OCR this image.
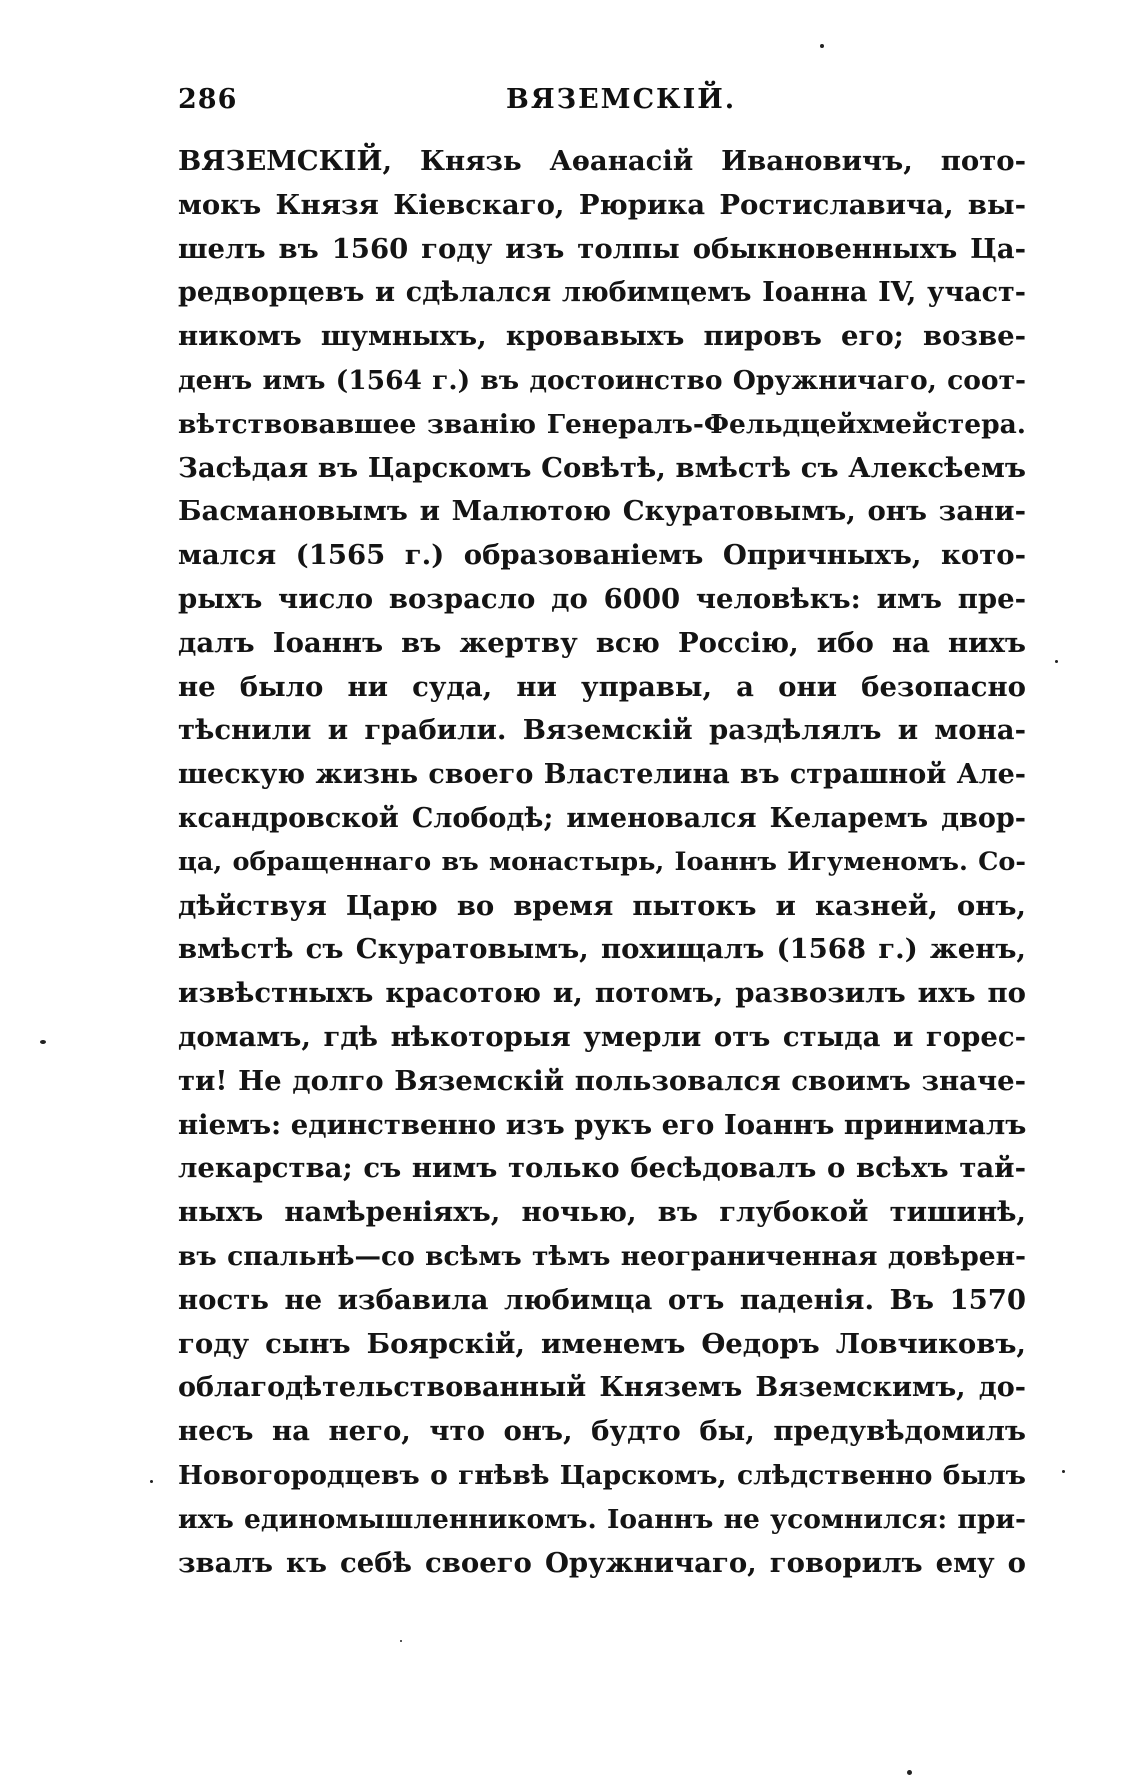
286	ВЯЗЕМСКІЙ.
ВЯЗЕМСКІЙ, Князь Аѳанасій Ивановичъ, пото-
мокъ Князя Кіевскаго, Рюрика Ростиславича, вы-
шелъ въ 1560 году изъ толпы обыкновенныхъ Ца-
редворцевъ и сдѣлался любимцемъ Іоанна IV, участ-
никомъ шумныхъ, кровавыхъ пировъ его; возве-
денъ имъ (1564 г.) въ достоинство Оружничаго, соот-
вѣтствовавшее званію Генералъ-Фельдцейхмейстера.
Засѣдая въ Царскомъ Совѣтѣ, вмѣстѣ съ Алексѣемъ
Басмановымъ и Малютою Скуратовымъ, онъ зани-
мался (1565 г.) образованіемъ Опричныхъ, кото-
рыхъ число возрасло до 6000 человѣкъ: имъ пре-
далъ Іоаннъ въ жертву всю Россію, ибо на нихъ
не было ни суда, ни управы, а они безопасно
тѣснили и грабили. Вяземскій раздѣлялъ и мона-
шескую жизнь своего Властелина въ страшной Але-
ксандровской Слободѣ; именовался Келаремъ двор-
ца, обращеннаго въ монастырь, Іоаннъ Игуменомъ. Со-
дѣйствуя Царю во время пытокъ и казней, онъ,
вмѣстѣ съ Скуратовымъ, похищалъ (1568 г.) женъ,
извѣстныхъ красотою и, потомъ, развозилъ ихъ по
домамъ, гдѣ нѣкоторыя умерли отъ стыда и горес-
ти! Не долго Вяземскій пользовался своимъ значе-
ніемъ: единственно изъ рукъ его Іоаннъ принималъ
лекарства; съ нимъ только бесѣдовалъ о всѣхъ тай-
ныхъ намѣреніяхъ, ночью, въ глубокой тишинѣ,
въ спальнѣ—со всѣмъ тѣмъ неограниченная довѣрен-
ность не избавила любимца отъ паденія. Въ 1570
году сынъ Боярскій, именемъ Ѳедоръ Ловчиковъ,
облагодѣтельствованный Княземъ Вяземскимъ, до-
несъ на него, что онъ, будто бы, предувѣдомилъ
Новогородцевъ о гнѣвѣ Царскомъ, слѣдственно былъ
ихъ единомышленникомъ. Іоаннъ не усомнился: при-
звалъ къ себѣ своего Оружничаго, говорилъ ему о
